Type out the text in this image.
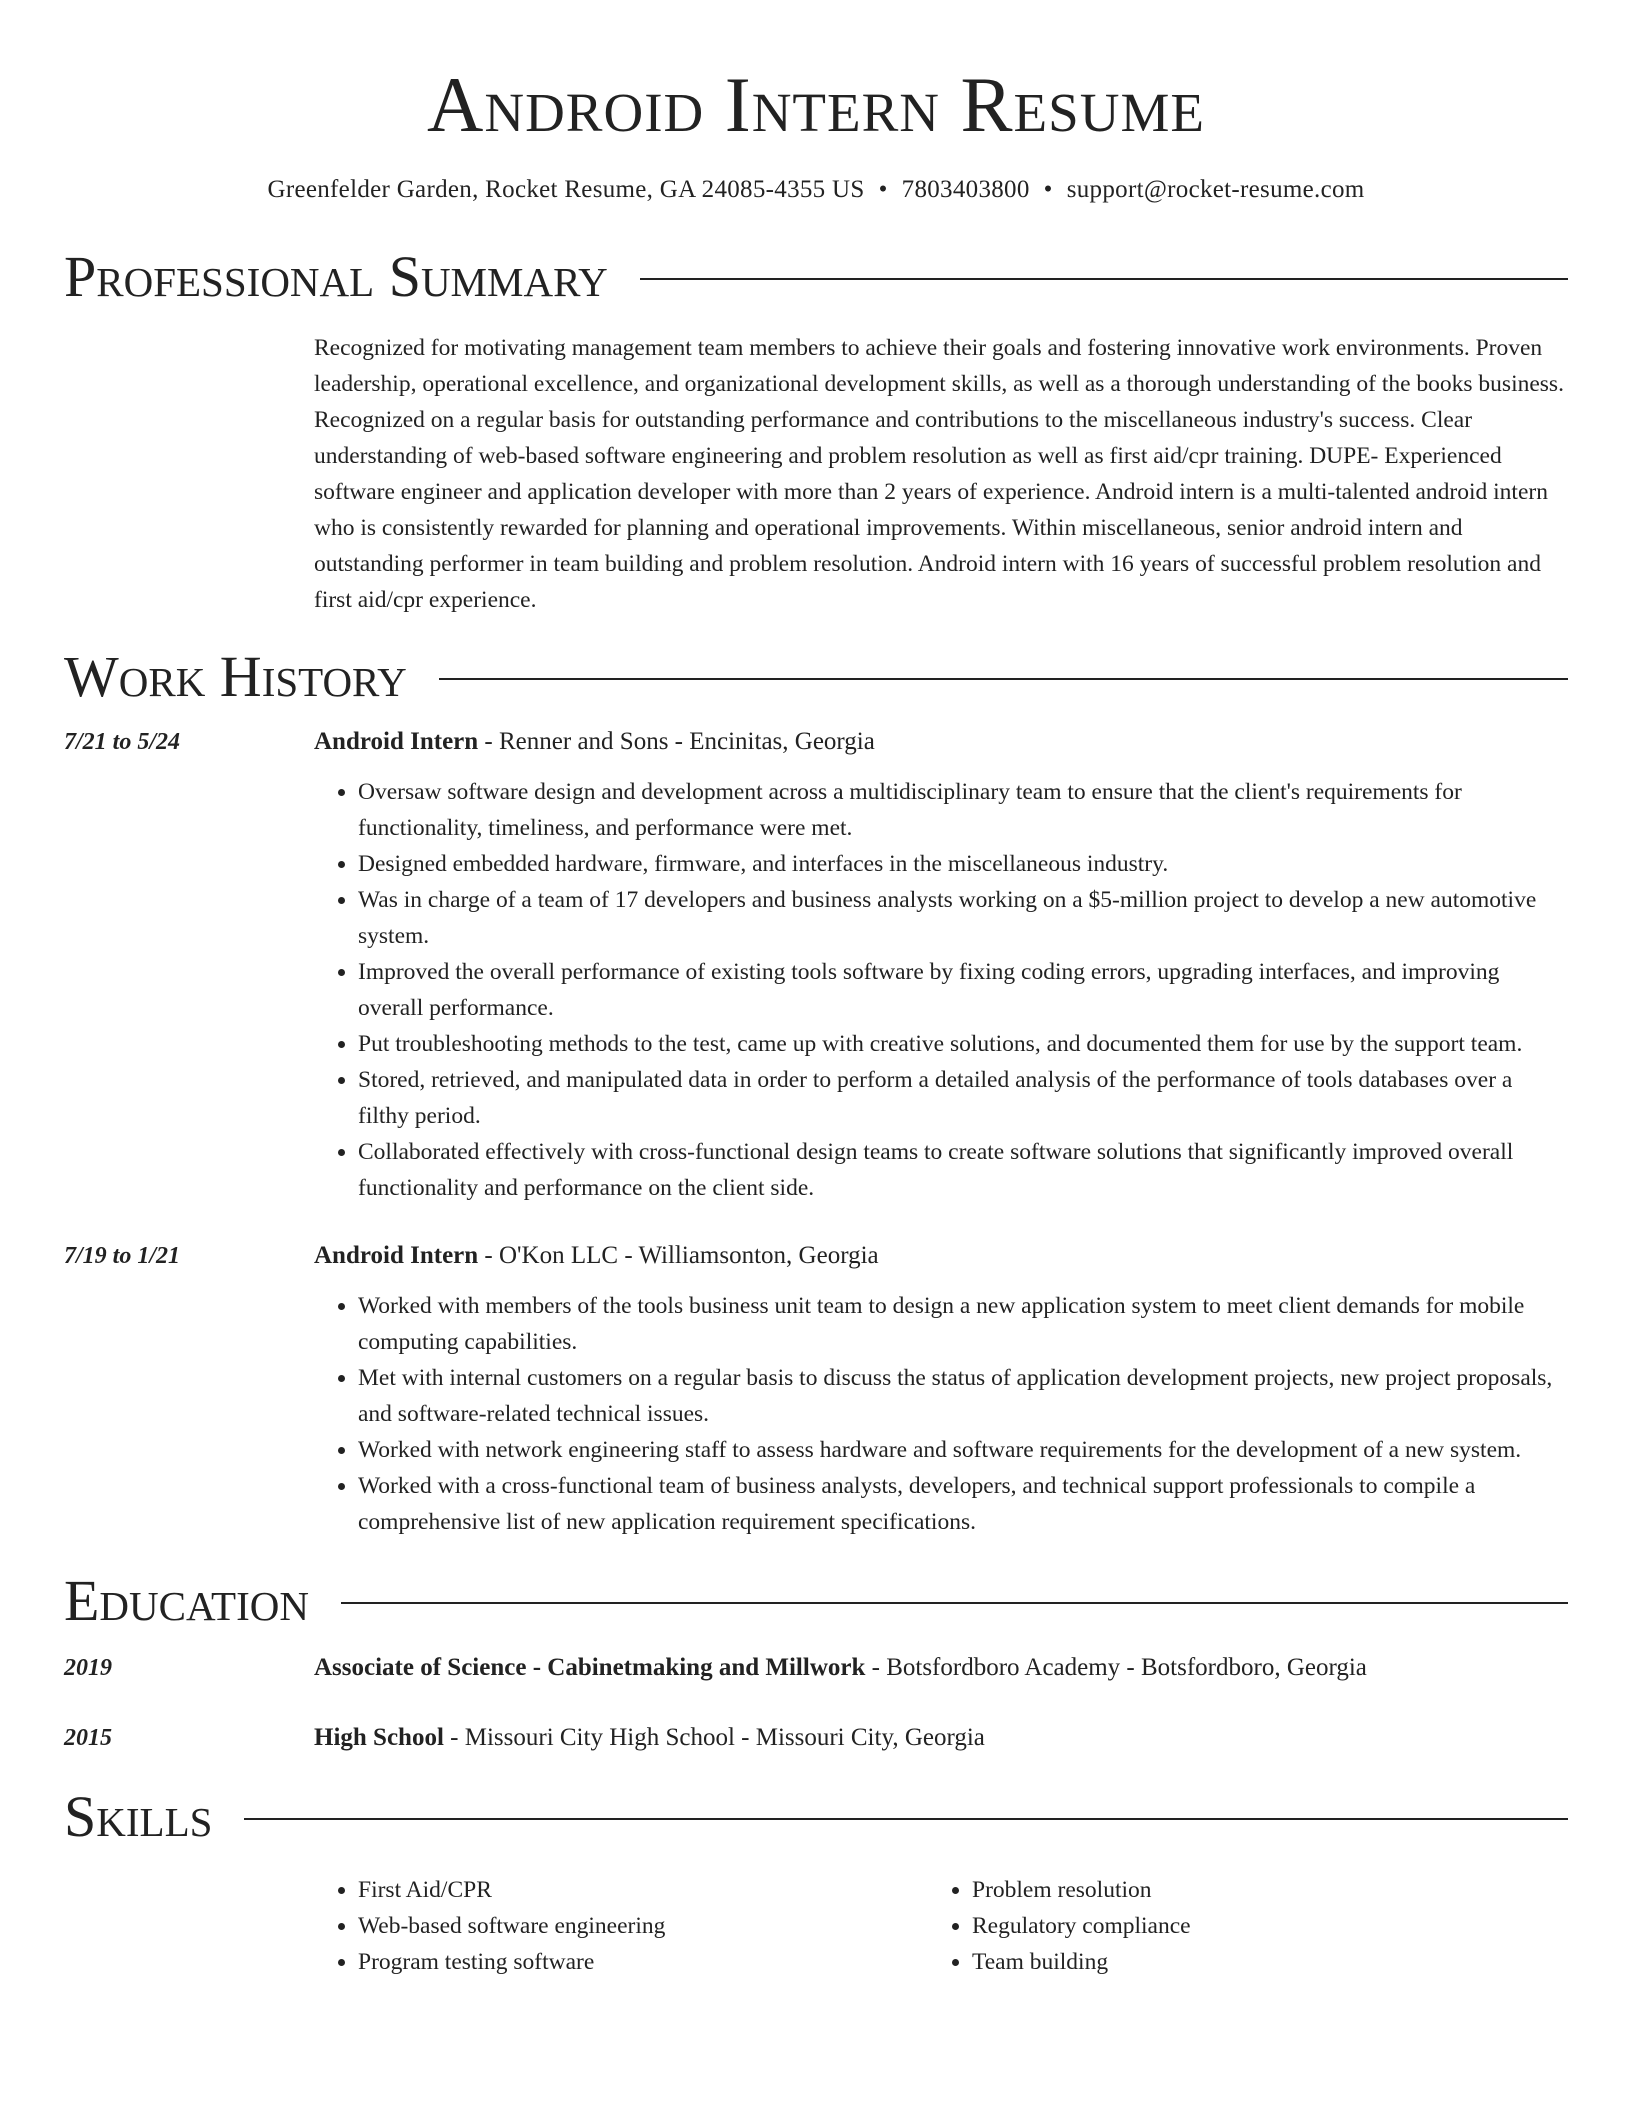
Android Intern Resume
Greenfelder Garden, Rocket Resume, GA 24085-4355 US • 7803403800 • support@rocket-resume.com
Professional Summary

Recognized for motivating management team members to achieve their goals and fostering innovative work environments. Proven leadership, operational excellence, and organizational development skills, as well as a thorough understanding of the books business. Recognized on a regular basis for outstanding performance and contributions to the miscellaneous industry's success. Clear understanding of web-based software engineering and problem resolution as well as first aid/cpr training. DUPE- Experienced software engineer and application developer with more than 2 years of experience. Android intern is a multi-talented android intern who is consistently rewarded for planning and operational improvements. Within miscellaneous, senior android intern and outstanding performer in team building and problem resolution. Android intern with 16 years of successful problem resolution and first aid/cpr experience.

Work History
7/21 to 5/24	Android Intern - Renner and Sons - Encinitas, Georgia
• Oversaw software design and development across a multidisciplinary team to ensure that the client's requirements for functionality, timeliness, and performance were met.
• Designed embedded hardware, firmware, and interfaces in the miscellaneous industry.
• Was in charge of a team of 17 developers and business analysts working on a $5-million project to develop a new automotive system.
• Improved the overall performance of existing tools software by fixing coding errors, upgrading interfaces, and improving overall performance.
• Put troubleshooting methods to the test, came up with creative solutions, and documented them for use by the support team.
• Stored, retrieved, and manipulated data in order to perform a detailed analysis of the performance of tools databases over a filthy period.
• Collaborated effectively with cross-functional design teams to create software solutions that significantly improved overall functionality and performance on the client side.
7/19 to 1/21	Android Intern - O'Kon LLC - Williamsonton, Georgia
• Worked with members of the tools business unit team to design a new application system to meet client demands for mobile computing capabilities.
• Met with internal customers on a regular basis to discuss the status of application development projects, new project proposals, and software-related technical issues.
• Worked with network engineering staff to assess hardware and software requirements for the development of a new system.
• Worked with a cross-functional team of business analysts, developers, and technical support professionals to compile a comprehensive list of new application requirement specifications.
Education
2019	Associate of Science - Cabinetmaking and Millwork - Botsfordboro Academy - Botsfordboro, Georgia
2015	High School - Missouri City High School - Missouri City, Georgia
Skills
• First Aid/CPR
• Web-based software engineering
• Program testing software
• Problem resolution
• Regulatory compliance
• Team building
